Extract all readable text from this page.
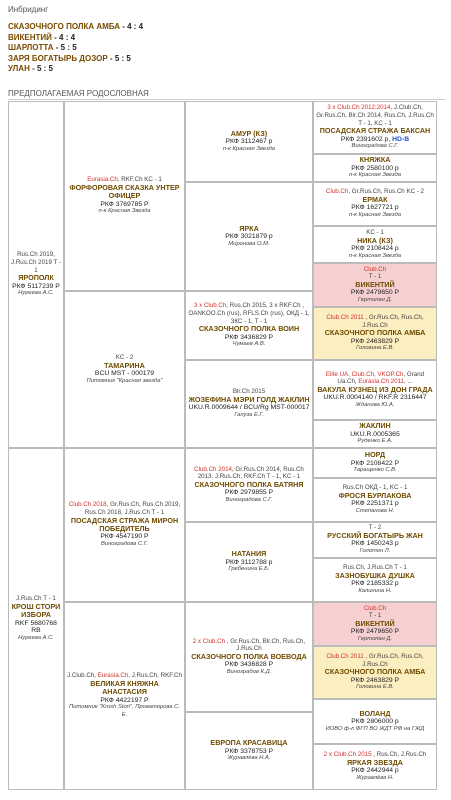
Инбридинг
СКАЗОЧНОГО ПОЛКА АМБА - 4 : 4
ВИКЕНТИЙ - 4 : 4
ШАРЛОТТА - 5 : 5
ЗАРЯ БОГАТЫРЬ ДОЗОР - 5 : 5
УЛАН - 5 : 5
ПРЕДПОЛАГАЕМАЯ РОДОСЛОВНАЯ
Rus.Ch 2019, J.Rus.Ch 2019 T - 1
ЯРОПОЛК
РКФ 5117239 Р
Нуреева А.С.
J.Rus.Ch T - 1
КРОШ СТОРИ ИЗБОРА
RKF 5680768 RB
Нуреева А.С.
Eurasia.Ch, RKF.Ch KC - 1
ФОРФОРОВАЯ СКАЗКА УНТЕР ОФИЦЕР
РКФ 3769785 Р
п-к Красная Звезда
KC - 2
ТАМАРИНА
BCU MST - 000179
Питомник "Красная звезда"
Club.Ch 2018, Gr.Rus.Ch, Rus.Ch 2019, Rus.Ch 2018, J.Rus.Ch T - 1
ПОСАДСКАЯ СТРАЖА МИРОН ПОБЕДИТЕЛЬ
РКФ 4547190 Р
Виноградова С.Г.
J.Club.Ch, Eurasia.Ch, J.Rus.Ch, RKF.Ch
ВЕЛИКАЯ КНЯЖНА АНАСТАСИЯ
РКФ 4422197 Р
Питомник "Krosh Stori", Проваторова С. Е.
АМУР (КЗ)
РКФ 3112467 р
п-к Красная Звезда
ЯРКА
РКФ 3021879 р
Миронова О.М.
3 x Club.Ch, Rus.Ch 2015, 3 x RKF.Ch , OANKOO.Ch (rus), RFLS.Ch (rus), ОКД - 1, ЗКС - 1, T - 1
СКАЗОЧНОГО ПОЛКА ВОИН
РКФ 3436829 Р
Чумаев А.В.
Blr.Ch 2015
ЖОЗЕФИНА МЭРИ ГОЛД ЖАКЛИН
UKU.R.0009644 / BCU/Rg MST-000017
Галуза Е.Г.
Club.Ch 2014, Gr.Rus.Ch 2014, Rus.Ch 2013, J.Rus.Ch, RKF.Ch T - 1, KC - 1
СКАЗОЧНОГО ПОЛКА БАТЯНЯ
РКФ 2979855 Р
Виноградова С.Г.
НАТАНИЯ
РКФ 3112788 р
Гребенина Е.Б.
2 x Club.Ch , Gr.Rus.Ch, Blr.Ch, Rus.Ch, J.Rus.Ch
СКАЗОЧНОГО ПОЛКА ВОЕВОДА
РКФ 3436828 Р
Виноградов К.Д.
ЕВРОПА КРАСАВИЦА
РКФ 3378753 Р
Журавлёва Н.А.
3 x Club.Ch 2012;2014, J.Club.Ch, Gr.Rus.Ch, Blr.Ch 2014, Rus.Ch, J.Rus.Ch T - 1, KC - 1
ПОСАДСКАЯ СТРАЖА БАКСАН
РКФ 2391602 р, HD-B
Виноградова С.Г.
КНЯЖКА
РКФ 2580100 р
п-к Красная Звезда
Club.Ch, Gr.Rus.Ch, Rus.Ch KC - 2
ЕРМАК
РКФ 1627721 р
п-к Красная Звезда
KC - 1
НИКА (КЗ)
РКФ 2108424 р
п-к Красная Звезда
Club.Ch
T - 1
ВИКЕНТИЙ
РКФ 2479650 Р
Гертопан Д.
Club.Ch 2011 , Gr.Rus.Ch, Rus.Ch, J.Rus.Ch
СКАЗОЧНОГО ПОЛКА АМБА
РКФ 2463829 Р
Головина Е.В.
Elite UA, Club.Ch, VKOP.Ch, Grand Ua.Ch, Eurasia.Ch 2011, ...
ВАКУЛА КУЗНЕЦ ИЗ ДОН ГРАДА
UKU.R.0004140 / RKF.R 2316447
Жданова Ю.А.
ЖАКЛИН
UKU.R.0005365
Руденко Е.А.
НОРД
РКФ 2108422 Р
Таращенко С.В.
Rus.Ch ОКД - 1, KC - 1
ФРОСЯ БУРЛАКОВА
РКФ 2251371 р
Степанова Н.
T - 2
РУССКИЙ БОГАТЫРЬ ЖАН
РКФ 1450243 р
Голотон Л.
Rus.Ch, J.Rus.Ch T - 1
ЗАЗНОБУШКА ДУШКА
РКФ 2185332 р
Калинина Н.
Club.Ch
T - 1
ВИКЕНТИЙ
РКФ 2479650 Р
Гертопан Д.
Club.Ch 2011 , Gr.Rus.Ch, Rus.Ch, J.Rus.Ch
СКАЗОЧНОГО ПОЛКА АМБА
РКФ 2463829 Р
Головина Е.В.
ВОЛАНД
РКФ 2806000 р
ИОВО ф-л ФГП ВО ЖДТ РФ на ГЖД
2 x Club.Ch 2015 , Rus.Ch, J.Rus.Ch
ЯРКАЯ ЗВЕЗДА
РКФ 2442944 р
Журавлёва Н.
